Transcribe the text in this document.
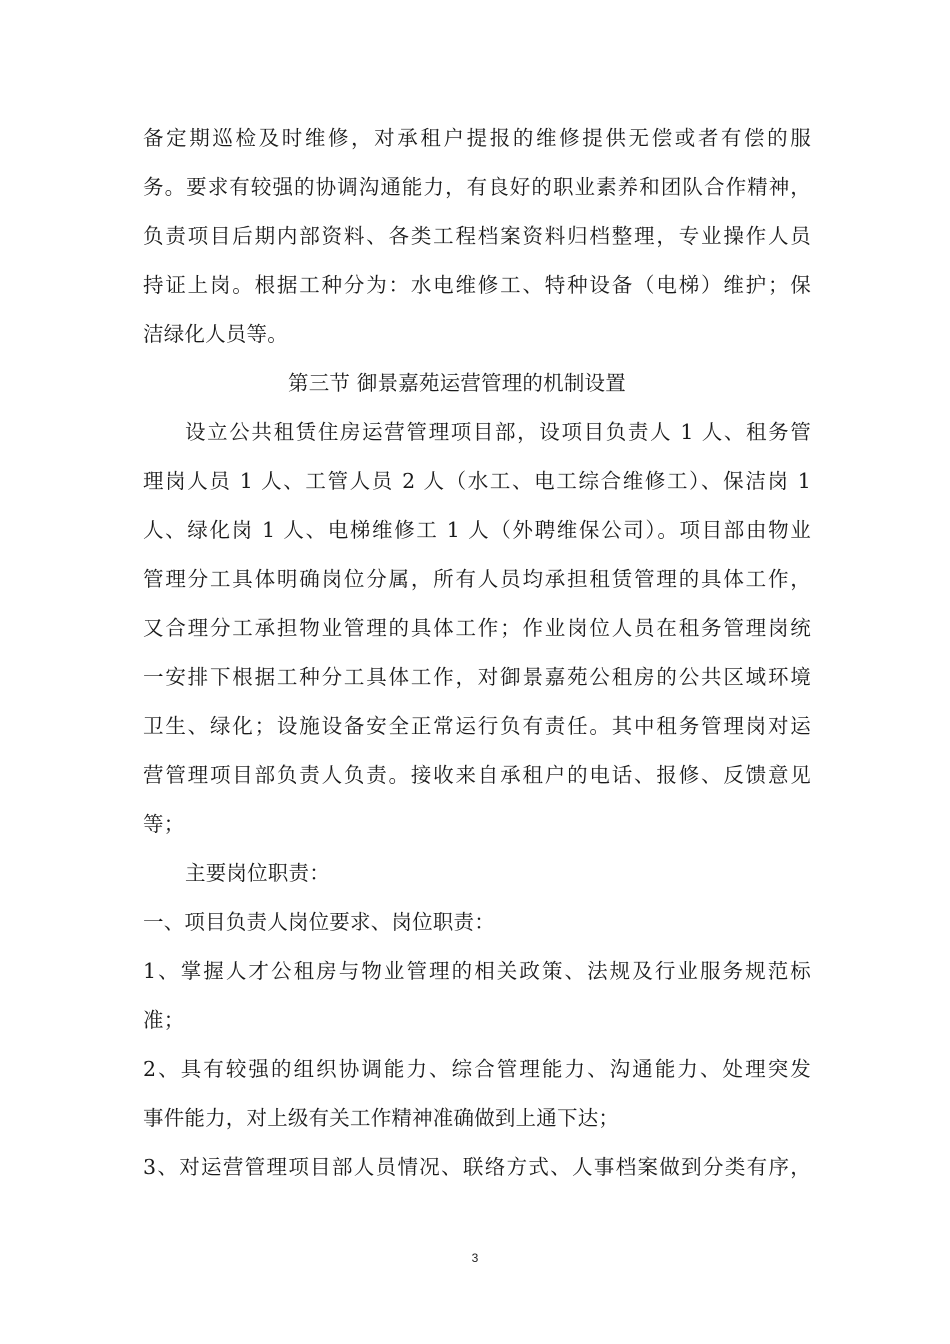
备定期巡检及时维修，对承租户提报的维修提供无偿或者有偿的服
务。要求有较强的协调沟通能力，有良好的职业素养和团队合作精神，
负责项目后期内部资料、各类工程档案资料归档整理，专业操作人员
持证上岗。根据工种分为：水电维修工、特种设备（电梯）维护；保
洁绿化人员等。
第三节 御景嘉苑运营管理的机制设置
设立公共租赁住房运营管理项目部，设项目负责人 1 人、租务管
理岗人员 1 人、工管人员 2 人（水工、电工综合维修工）、保洁岗 1
人、绿化岗 1 人、电梯维修工 1 人（外聘维保公司）。项目部由物业
管理分工具体明确岗位分属，所有人员均承担租赁管理的具体工作，
又合理分工承担物业管理的具体工作；作业岗位人员在租务管理岗统
一安排下根据工种分工具体工作，对御景嘉苑公租房的公共区域环境
卫生、绿化；设施设备安全正常运行负有责任。其中租务管理岗对运
营管理项目部负责人负责。接收来自承租户的电话、报修、反馈意见
等；
主要岗位职责：
一、项目负责人岗位要求、岗位职责：
1、掌握人才公租房与物业管理的相关政策、法规及行业服务规范标
准；
2、具有较强的组织协调能力、综合管理能力、沟通能力、处理突发
事件能力，对上级有关工作精神准确做到上通下达；
3、对运营管理项目部人员情况、联络方式、人事档案做到分类有序，
3
